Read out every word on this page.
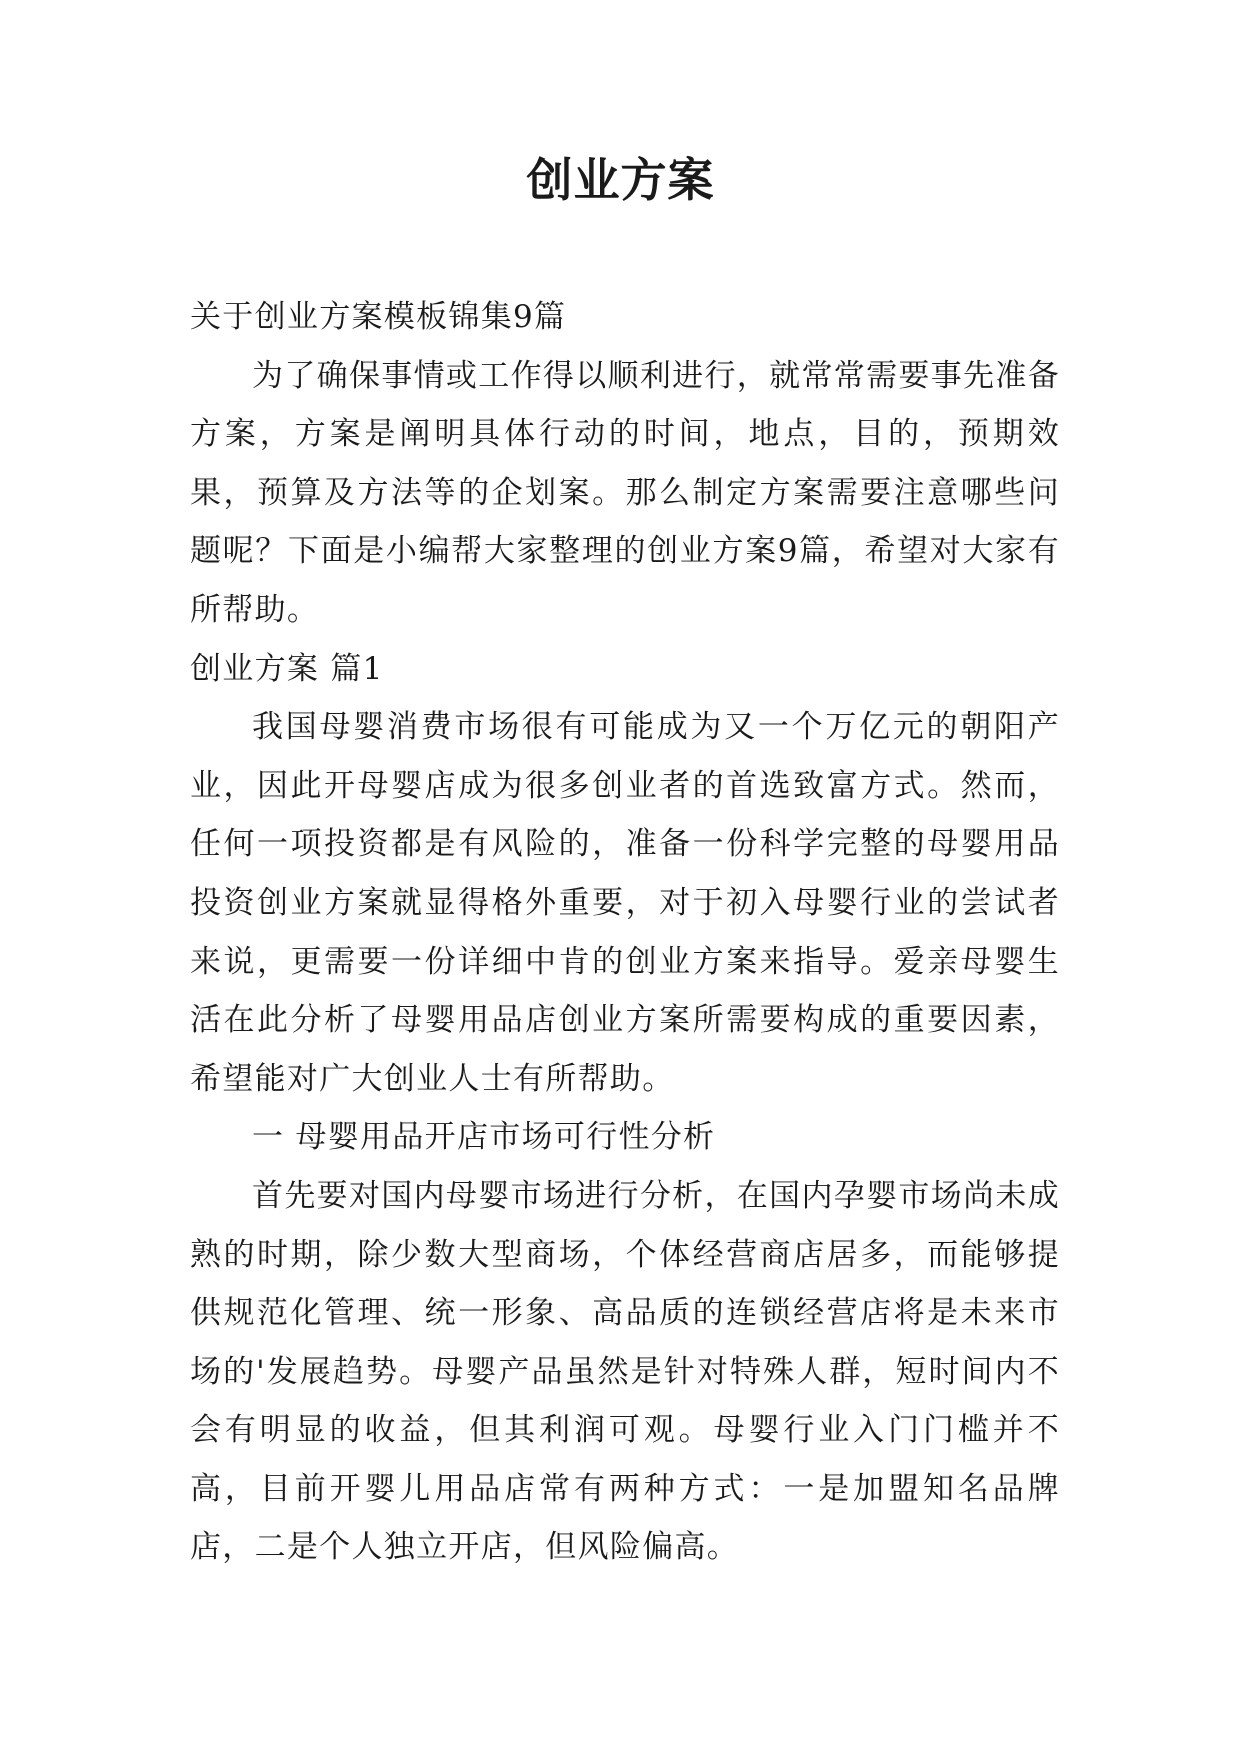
创业方案

关于创业方案模板锦集9篇

为了确保事情或工作得以顺利进行，就常常需要事先准备方案，方案是阐明具体行动的时间，地点，目的，预期效果，预算及方法等的企划案。那么制定方案需要注意哪些问题呢？下面是小编帮大家整理的创业方案9篇，希望对大家有所帮助。

创业方案 篇1

我国母婴消费市场很有可能成为又一个万亿元的朝阳产业，因此开母婴店成为很多创业者的首选致富方式。然而，任何一项投资都是有风险的，准备一份科学完整的母婴用品投资创业方案就显得格外重要，对于初入母婴行业的尝试者来说，更需要一份详细中肯的创业方案来指导。爱亲母婴生活在此分析了母婴用品店创业方案所需要构成的重要因素，希望能对广大创业人士有所帮助。

一 母婴用品开店市场可行性分析

首先要对国内母婴市场进行分析，在国内孕婴市场尚未成熟的时期，除少数大型商场，个体经营商店居多，而能够提供规范化管理、统一形象、高品质的连锁经营店将是未来市场的'发展趋势。母婴产品虽然是针对特殊人群，短时间内不会有明显的收益，但其利润可观。母婴行业入门门槛并不高，目前开婴儿用品店常有两种方式：一是加盟知名品牌店，二是个人独立开店，但风险偏高。
